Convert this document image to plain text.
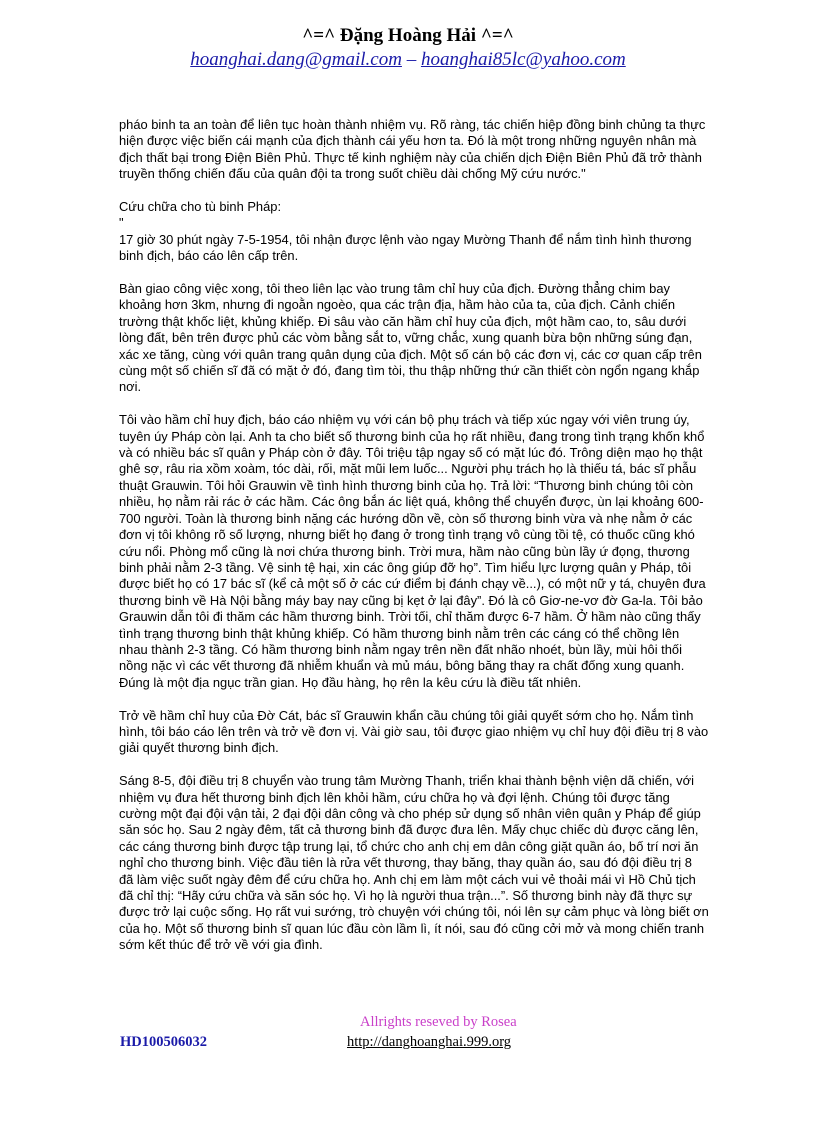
^=^ Đặng Hoàng Hải ^=^
hoanghai.dang@gmail.com – hoanghai85lc@yahoo.com

pháo binh ta an toàn để liên tục hoàn thành nhiệm vụ. Rõ ràng, tác chiến hiệp đồng binh chủng ta thực hiện được việc biến cái mạnh của địch thành cái yếu hơn ta. Đó là một trong những nguyên nhân mà địch thất bại trong Điện Biên Phủ. Thực tế kinh nghiệm này của chiến dịch Điện Biên Phủ đã trở thành truyền thống chiến đấu của quân đội ta trong suốt chiều dài chống Mỹ cứu nước."

Cứu chữa cho tù binh Pháp:
"
17 giờ 30 phút ngày 7-5-1954, tôi nhận được lệnh vào ngay Mường Thanh để nắm tình hình thương binh địch, báo cáo lên cấp trên.

Bàn giao công việc xong, tôi theo liên lạc vào trung tâm chỉ huy của địch. Đường thẳng chim bay khoảng hơn 3km, nhưng đi ngoằn ngoèo, qua các trận địa, hầm hào của ta, của địch. Cảnh chiến trường thật khốc liệt, khủng khiếp. Đi sâu vào căn hầm chỉ huy của địch, một hầm cao, to, sâu dưới lòng đất, bên trên được phủ các vòm bằng sắt to, vững chắc, xung quanh bừa bộn những súng đạn, xác xe tăng, cùng với quân trang quân dụng của địch. Một số cán bộ các đơn vị, các cơ quan cấp trên cùng một số chiến sĩ đã có mặt ở đó, đang tìm tòi, thu thập những thứ cần thiết còn ngổn ngang khắp nơi.

Tôi vào hầm chỉ huy địch, báo cáo nhiệm vụ với cán bộ phụ trách và tiếp xúc ngay với viên trung úy, tuyên úy Pháp còn lại. Anh ta cho biết số thương binh của họ rất nhiều, đang trong tình trạng khốn khổ và có nhiều bác sĩ quân y Pháp còn ở đây. Tôi triệu tập ngay số có mặt lúc đó. Trông diện mạo họ thật ghê sợ, râu ria xồm xoàm, tóc dài, rối, mặt mũi lem luốc... Người phụ trách họ là thiếu tá, bác sĩ phẫu thuật Grauwin. Tôi hỏi Grauwin về tình hình thương binh của họ. Trả lời: “Thương binh chúng tôi còn nhiều, họ nằm rải rác ở các hầm. Các ông bắn ác liệt quá, không thể chuyển được, ùn lại khoảng 600-700 người. Toàn là thương binh nặng các hướng dồn về, còn số thương binh vừa và nhẹ nằm ở các đơn vị tôi không rõ số lượng, nhưng biết họ đang ở trong tình trạng vô cùng tồi tệ, có thuốc cũng khó cứu nổi. Phòng mổ cũng là nơi chứa thương binh. Trời mưa, hầm nào cũng bùn lầy ứ đọng, thương binh phải nằm 2-3 tầng. Vệ sinh tệ hại, xin các ông giúp đỡ họ”. Tìm hiểu lực lượng quân y Pháp, tôi được biết họ có 17 bác sĩ (kể cả một số ở các cứ điểm bị đánh chạy về...), có một nữ y tá, chuyên đưa thương binh về Hà Nội bằng máy bay nay cũng bị kẹt ở lại đây”. Đó là cô Giơ-ne-vơ đờ Ga-la. Tôi bảo Grauwin dẫn tôi đi thăm các hầm thương binh. Trời tối, chỉ thăm được 6-7 hầm. Ở hầm nào cũng thấy tình trạng thương binh thật khủng khiếp. Có hầm thương binh nằm trên các cáng có thể chồng lên nhau thành 2-3 tầng. Có hầm thương binh nằm ngay trên nền đất nhão nhoét, bùn lầy, mùi hôi thối nồng nặc vì các vết thương đã nhiễm khuẩn và mủ máu, bông băng thay ra chất đống xung quanh. Đúng là một địa ngục trần gian. Họ đầu hàng, họ rên la kêu cứu là điều tất nhiên.

Trở về hầm chỉ huy của Đờ Cát, bác sĩ Grauwin khẩn cầu chúng tôi giải quyết sớm cho họ. Nắm tình hình, tôi báo cáo lên trên và trở về đơn vị. Vài giờ sau, tôi được giao nhiệm vụ chỉ huy đội điều trị 8 vào giải quyết thương binh địch.

Sáng 8-5, đội điều trị 8 chuyển vào trung tâm Mường Thanh, triển khai thành bệnh viện dã chiến, với nhiệm vụ đưa hết thương binh địch lên khỏi hầm, cứu chữa họ và đợi lệnh. Chúng tôi được tăng cường một đại đội vận tải, 2 đại đội dân công và cho phép sử dụng số nhân viên quân y Pháp để giúp săn sóc họ. Sau 2 ngày đêm, tất cả thương binh đã được đưa lên. Mấy chục chiếc dù được căng lên, các cáng thương binh được tập trung lại, tổ chức cho anh chị em dân công giặt quần áo, bố trí nơi ăn nghỉ cho thương binh. Việc đầu tiên là rửa vết thương, thay băng, thay quần áo, sau đó đội điều trị 8 đã làm việc suốt ngày đêm để cứu chữa họ. Anh chị em làm một cách vui vẻ thoải mái vì Hồ Chủ tịch đã chỉ thị: “Hãy cứu chữa và săn sóc họ. Vì họ là người thua trận...”. Số thương binh này đã thực sự được trở lại cuộc sống. Họ rất vui sướng, trò chuyện với chúng tôi, nói lên sự cảm phục và lòng biết ơn của họ. Một số thương binh sĩ quan lúc đầu còn lầm lì, ít nói, sau đó cũng cởi mở và mong chiến tranh sớm kết thúc để trở về với gia đình.

Allrights reseved by Rosea
HD100506032	http://danghoanghai.999.org
